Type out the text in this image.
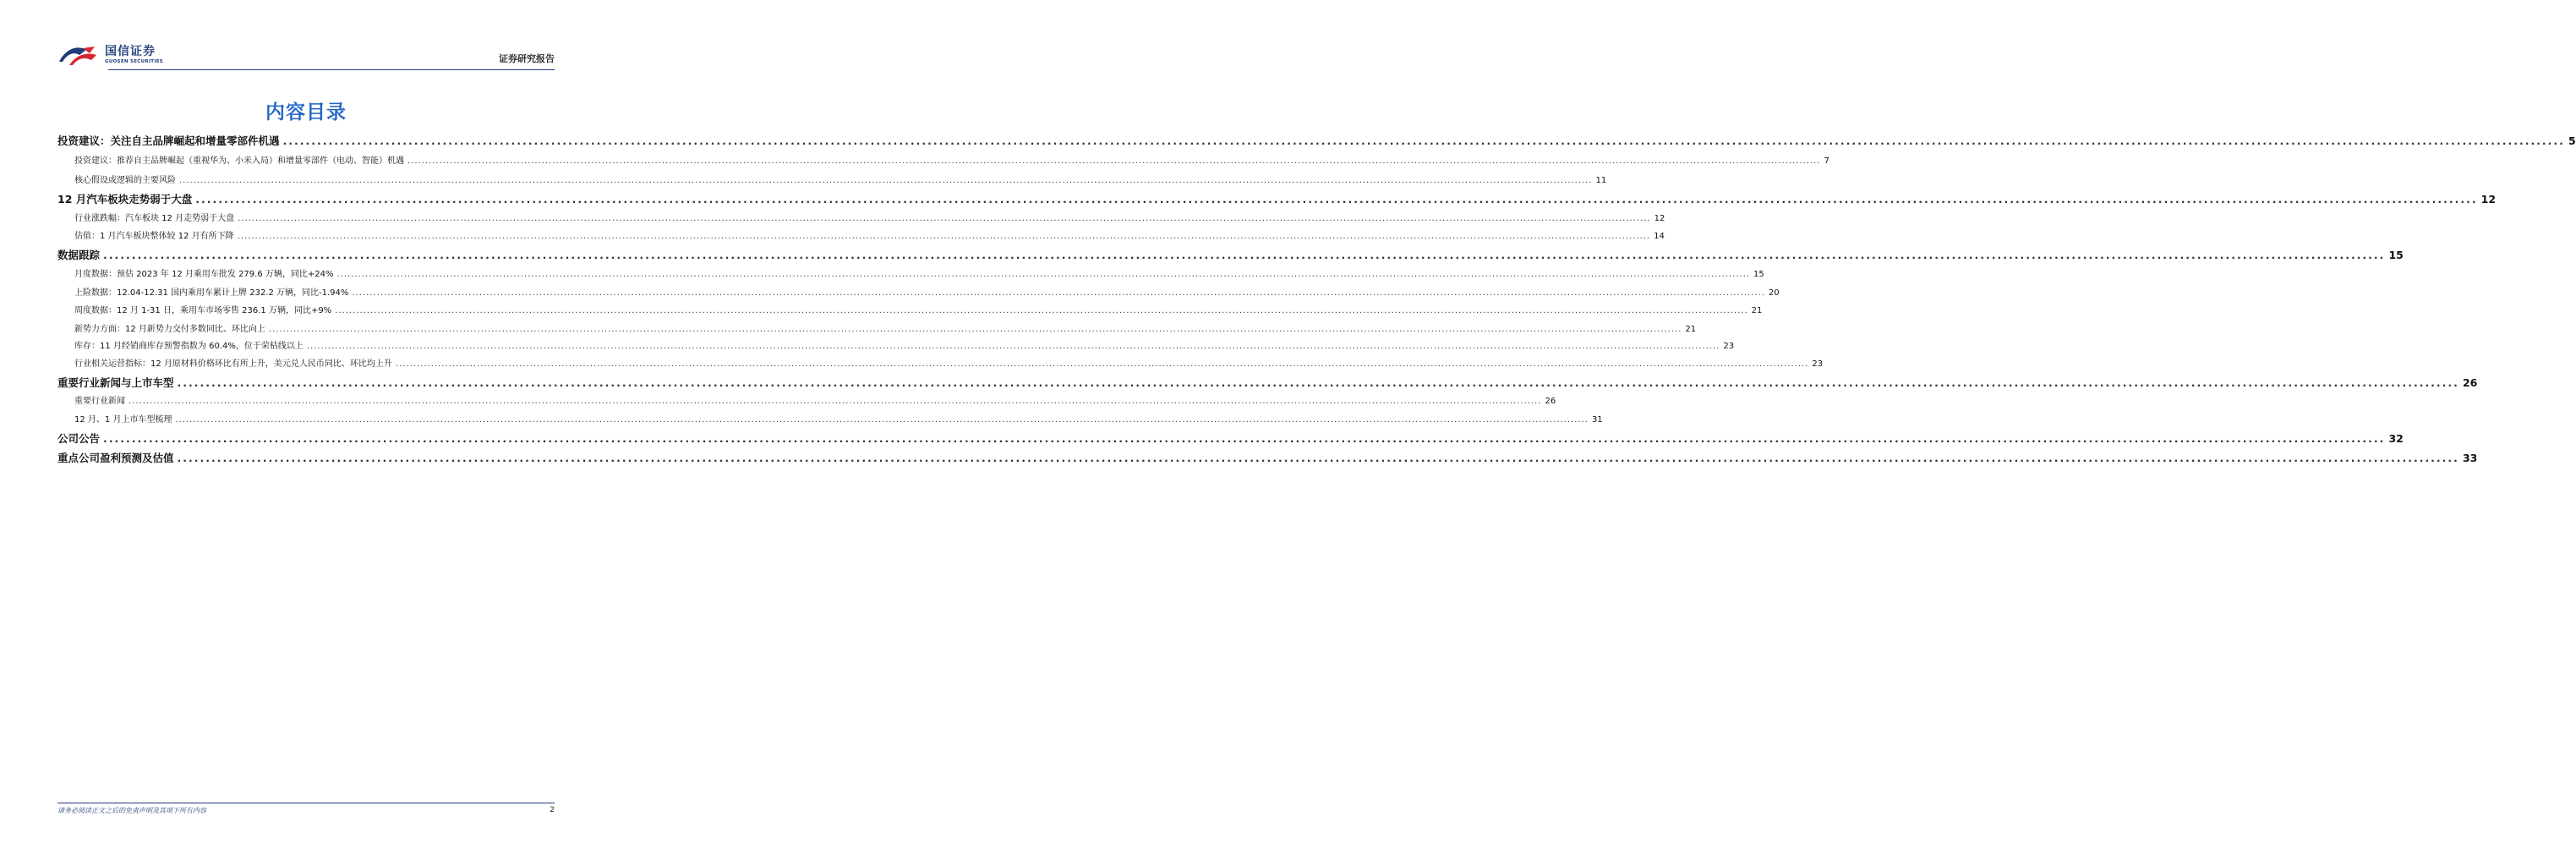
国信证券
GUOSEN SECURITIES	证券研究报告
内容目录
投资建议：关注自主品牌崛起和增量零部件机遇 ................................................................................................................................................................................................................................................................................................................................................................................................................ 5
投资建议：推荐自主品牌崛起（重视华为、小米入局）和增量零部件（电动、智能）机遇 ................................................................................................................................................................................................................................................................................................................................................................................................................ 7
核心假设或逻辑的主要风险 ................................................................................................................................................................................................................................................................................................................................................................................................................ 11
12 月汽车板块走势弱于大盘 ................................................................................................................................................................................................................................................................................................................................................................................................................ 12
行业涨跌幅：汽车板块 12 月走势弱于大盘 ................................................................................................................................................................................................................................................................................................................................................................................................................ 12
估值：1 月汽车板块整体较 12 月有所下降 ................................................................................................................................................................................................................................................................................................................................................................................................................ 14
数据跟踪 ................................................................................................................................................................................................................................................................................................................................................................................................................ 15
月度数据：预估 2023 年 12 月乘用车批发 279.6 万辆，同比+24% ................................................................................................................................................................................................................................................................................................................................................................................................................ 15
上险数据：12.04-12.31 国内乘用车累计上牌 232.2 万辆，同比-1.94% ................................................................................................................................................................................................................................................................................................................................................................................................................ 20
周度数据：12 月 1-31 日，乘用车市场零售 236.1 万辆，同比+9% ................................................................................................................................................................................................................................................................................................................................................................................................................ 21
新势力方面：12 月新势力交付多数同比、环比向上 ................................................................................................................................................................................................................................................................................................................................................................................................................ 21
库存：11 月经销商库存预警指数为 60.4%，位于荣枯线以上 ................................................................................................................................................................................................................................................................................................................................................................................................................ 23
行业相关运营指标：12 月原材料价格环比有所上升，美元兑人民币同比、环比均上升 ................................................................................................................................................................................................................................................................................................................................................................................................................ 23
重要行业新闻与上市车型 ................................................................................................................................................................................................................................................................................................................................................................................................................ 26
重要行业新闻 ................................................................................................................................................................................................................................................................................................................................................................................................................ 26
12 月、1 月上市车型梳理 ................................................................................................................................................................................................................................................................................................................................................................................................................ 31
公司公告 ................................................................................................................................................................................................................................................................................................................................................................................................................ 32
重点公司盈利预测及估值 ................................................................................................................................................................................................................................................................................................................................................................................................................ 33
请务必阅读正文之后的免责声明及其项下所有内容	2
